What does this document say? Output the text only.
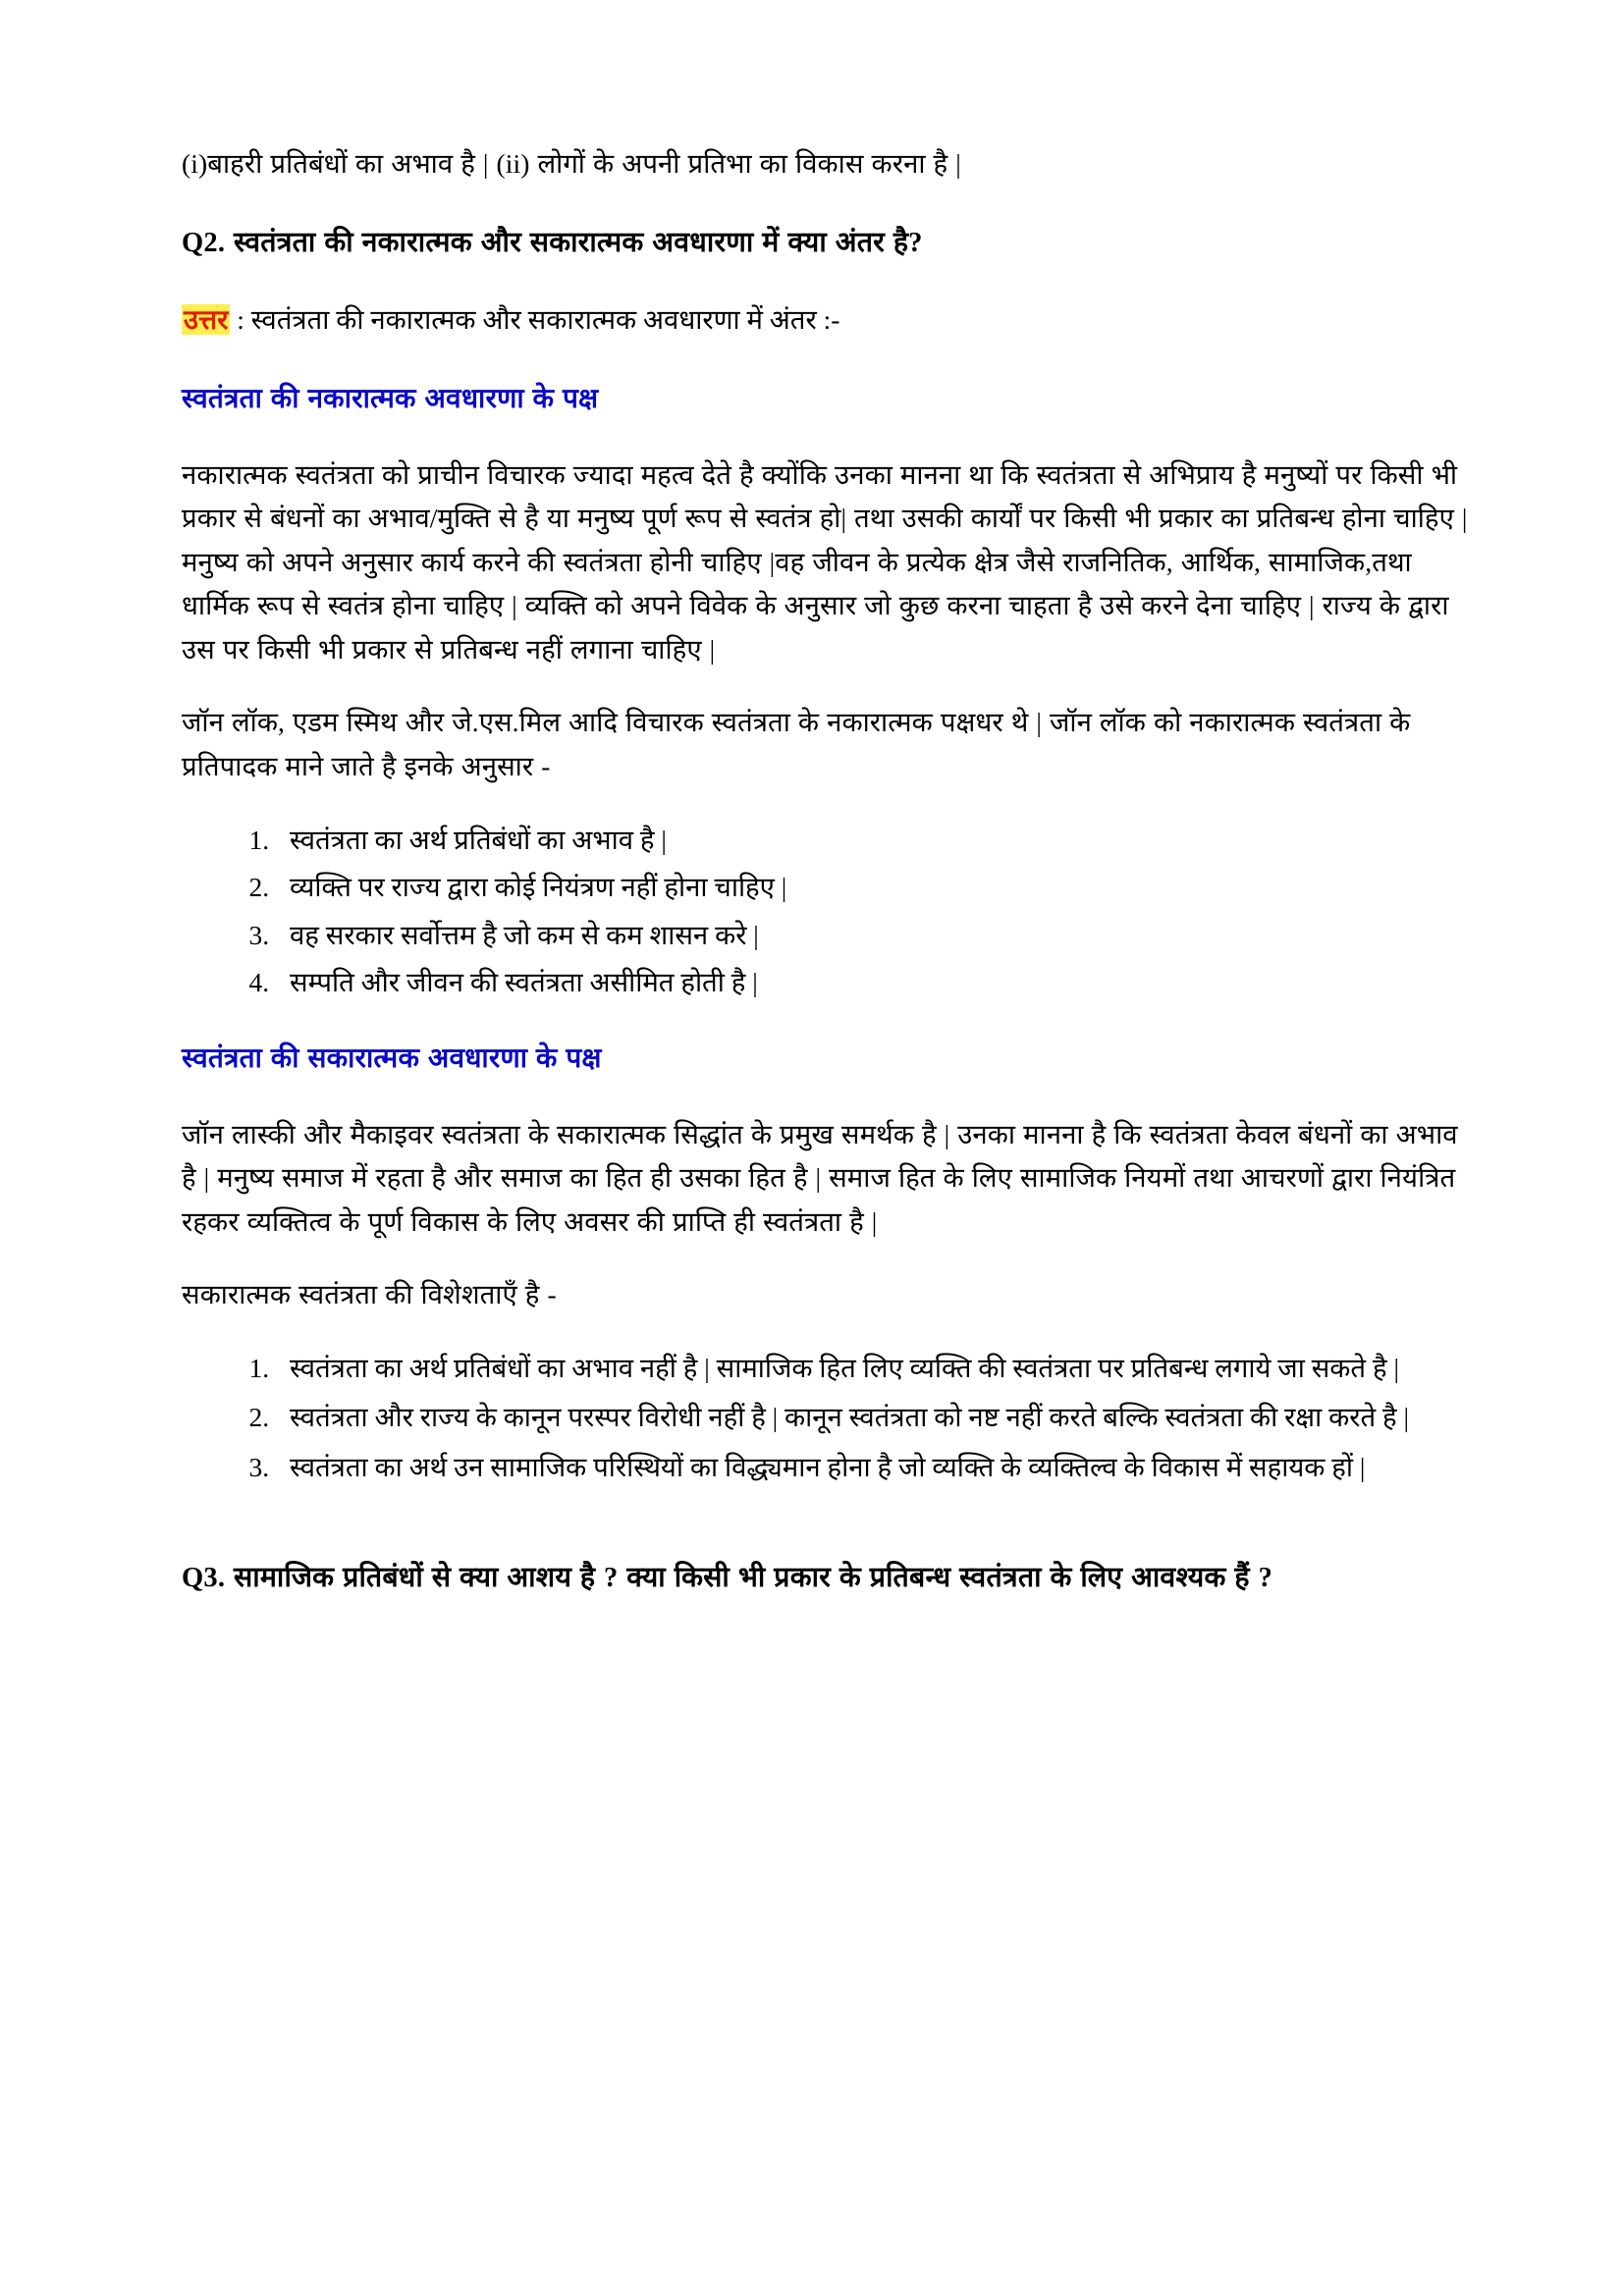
(i)बाहरी प्रतिबंधों का अभाव है | (ii) लोगों के अपनी प्रतिभा का विकास करना है |

Q2. स्वतंत्रता की नकारात्मक और सकारात्मक अवधारणा में क्या अंतर है?

उत्तर : स्वतंत्रता की नकारात्मक और सकारात्मक अवधारणा में अंतर :-

स्वतंत्रता की नकारात्मक अवधारणा के पक्ष

नकारात्मक स्वतंत्रता को प्राचीन विचारक ज्यादा महत्व देते है क्योंकि उनका मानना था कि स्वतंत्रता से अभिप्राय है मनुष्यों पर किसी भी प्रकार से बंधनों का अभाव/मुक्ति से है या मनुष्य पूर्ण रूप से स्वतंत्र हो| तथा उसकी कार्यों पर किसी भी प्रकार का प्रतिबन्ध होना चाहिए | मनुष्य को अपने अनुसार कार्य करने की स्वतंत्रता होनी चाहिए |वह जीवन के प्रत्येक क्षेत्र जैसे राजनितिक, आर्थिक, सामाजिक,तथा धार्मिक रूप से स्वतंत्र होना चाहिए | व्यक्ति को अपने विवेक के अनुसार जो कुछ करना चाहता है उसे करने देना चाहिए | राज्य के द्वारा उस पर किसी भी प्रकार से प्रतिबन्ध नहीं लगाना चाहिए |

जॉन लॉक, एडम स्मिथ और जे.एस.मिल आदि विचारक स्वतंत्रता के नकारात्मक पक्षधर थे | जॉन लॉक को नकारात्मक स्वतंत्रता के प्रतिपादक माने जाते है इनके अनुसार -

1. स्वतंत्रता का अर्थ प्रतिबंधों का अभाव है |
2. व्यक्ति पर राज्य द्वारा कोई नियंत्रण नहीं होना चाहिए |
3. वह सरकार सर्वोत्तम है जो कम से कम शासन करे |
4. सम्पति और जीवन की स्वतंत्रता असीमित होती है |

स्वतंत्रता की सकारात्मक अवधारणा के पक्ष

जॉन लास्की और मैकाइवर स्वतंत्रता के सकारात्मक सिद्धांत के प्रमुख समर्थक है | उनका मानना है कि स्वतंत्रता केवल बंधनों का अभाव है | मनुष्य समाज में रहता है और समाज का हित ही उसका हित है | समाज हित के लिए सामाजिक नियमों तथा आचरणों द्वारा नियंत्रित रहकर व्यक्तित्व के पूर्ण विकास के लिए अवसर की प्राप्ति ही स्वतंत्रता है |

सकारात्मक स्वतंत्रता की विशेशताएँ है -

1. स्वतंत्रता का अर्थ प्रतिबंधों का अभाव नहीं है | सामाजिक हित लिए व्यक्ति की स्वतंत्रता पर प्रतिबन्ध लगाये जा सकते है |
2. स्वतंत्रता और राज्य के कानून परस्पर विरोधी नहीं है | कानून स्वतंत्रता को नष्ट नहीं करते बल्कि स्वतंत्रता की रक्षा करते है |
3. स्वतंत्रता का अर्थ उन सामाजिक परिस्थियों का विद्ध्यमान होना है जो व्यक्ति के व्यक्तिल्व के विकास में सहायक हों |

Q3. सामाजिक प्रतिबंधों से क्या आशय है ? क्या किसी भी प्रकार के प्रतिबन्ध स्वतंत्रता के लिए आवश्यक हैं ?
